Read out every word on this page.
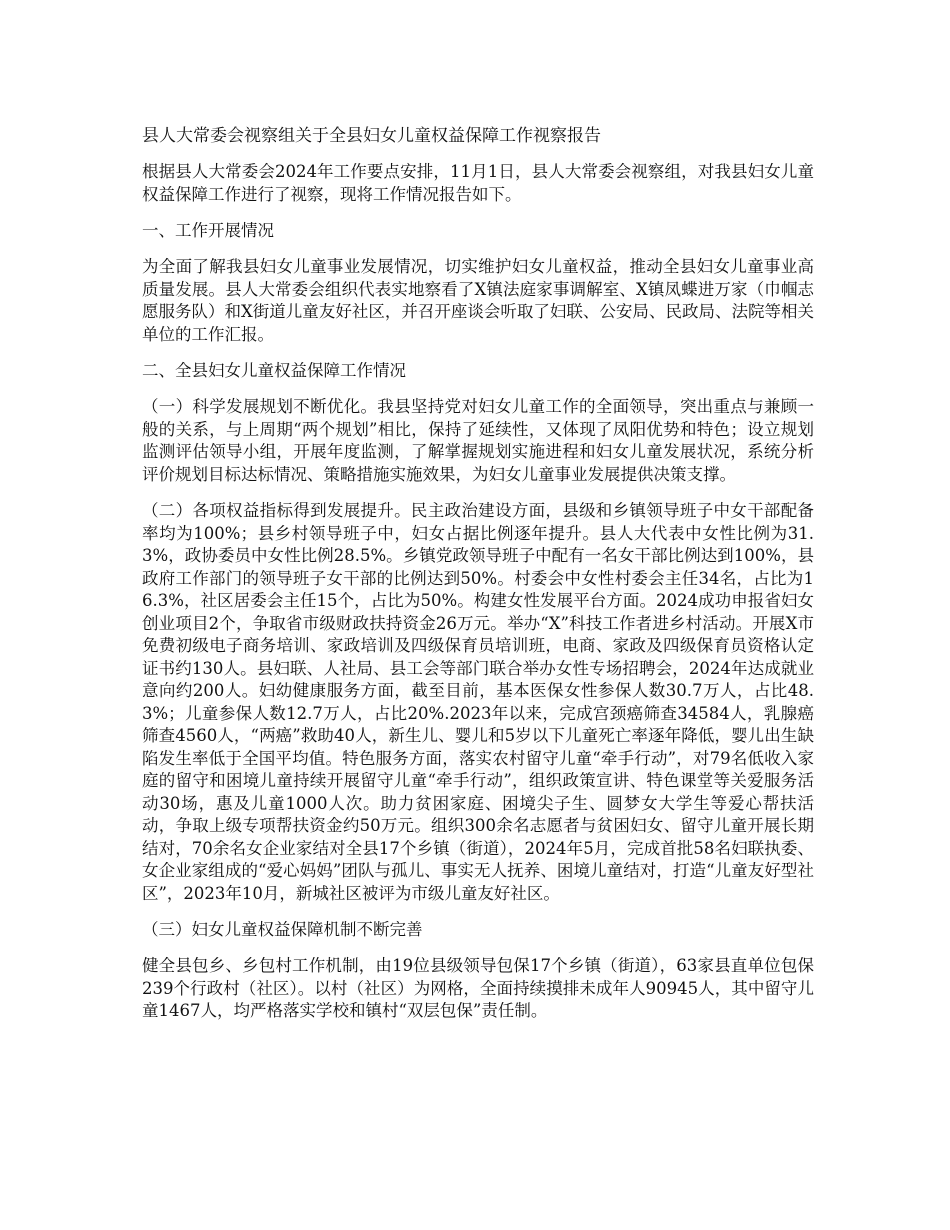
县人大常委会视察组关于全县妇女儿童权益保障工作视察报告

根据县人大常委会2024年工作要点安排，11月1日，县人大常委会视察组，对我县妇女儿童权益保障工作进行了视察，现将工作情况报告如下。

一、工作开展情况

为全面了解我县妇女儿童事业发展情况，切实维护妇女儿童权益，推动全县妇女儿童事业高质量发展。县人大常委会组织代表实地察看了X镇法庭家事调解室、X镇凤蝶进万家（巾帼志愿服务队）和X街道儿童友好社区，并召开座谈会听取了妇联、公安局、民政局、法院等相关单位的工作汇报。

二、全县妇女儿童权益保障工作情况

（一）科学发展规划不断优化。我县坚持党对妇女儿童工作的全面领导，突出重点与兼顾一般的关系，与上周期“两个规划”相比，保持了延续性，又体现了凤阳优势和特色；设立规划监测评估领导小组，开展年度监测，了解掌握规划实施进程和妇女儿童发展状况，系统分析评价规划目标达标情况、策略措施实施效果，为妇女儿童事业发展提供决策支撑。

（二）各项权益指标得到发展提升。民主政治建设方面，县级和乡镇领导班子中女干部配备率均为100%；县乡村领导班子中，妇女占据比例逐年提升。县人大代表中女性比例为31.3%，政协委员中女性比例28.5%。乡镇党政领导班子中配有一名女干部比例达到100%，县政府工作部门的领导班子女干部的比例达到50%。村委会中女性村委会主任34名，占比为16.3%，社区居委会主任15个，占比为50%。构建女性发展平台方面。2024成功申报省妇女创业项目2个，争取省市级财政扶持资金26万元。举办“X”科技工作者进乡村活动。开展X市免费初级电子商务培训、家政培训及四级保育员培训班，电商、家政及四级保育员资格认定证书约130人。县妇联、人社局、县工会等部门联合举办女性专场招聘会，2024年达成就业意向约200人。妇幼健康服务方面，截至目前，基本医保女性参保人数30.7万人，占比48.3%；儿童参保人数12.7万人，占比20%.2023年以来，完成宫颈癌筛查34584人，乳腺癌筛查4560人，“两癌”救助40人，新生儿、婴儿和5岁以下儿童死亡率逐年降低，婴儿出生缺陷发生率低于全国平均值。特色服务方面，落实农村留守儿童“牵手行动”，对79名低收入家庭的留守和困境儿童持续开展留守儿童“牵手行动”，组织政策宣讲、特色课堂等关爱服务活动30场，惠及儿童1000人次。助力贫困家庭、困境尖子生、圆梦女大学生等爱心帮扶活动，争取上级专项帮扶资金约50万元。组织300余名志愿者与贫困妇女、留守儿童开展长期结对，70余名女企业家结对全县17个乡镇（街道），2024年5月，完成首批58名妇联执委、女企业家组成的“爱心妈妈”团队与孤儿、事实无人抚养、困境儿童结对，打造“儿童友好型社区”，2023年10月，新城社区被评为市级儿童友好社区。

（三）妇女儿童权益保障机制不断完善

健全县包乡、乡包村工作机制，由19位县级领导包保17个乡镇（街道），63家县直单位包保239个行政村（社区）。以村（社区）为网格，全面持续摸排未成年人90945人，其中留守儿童1467人，均严格落实学校和镇村“双层包保”责任制。
